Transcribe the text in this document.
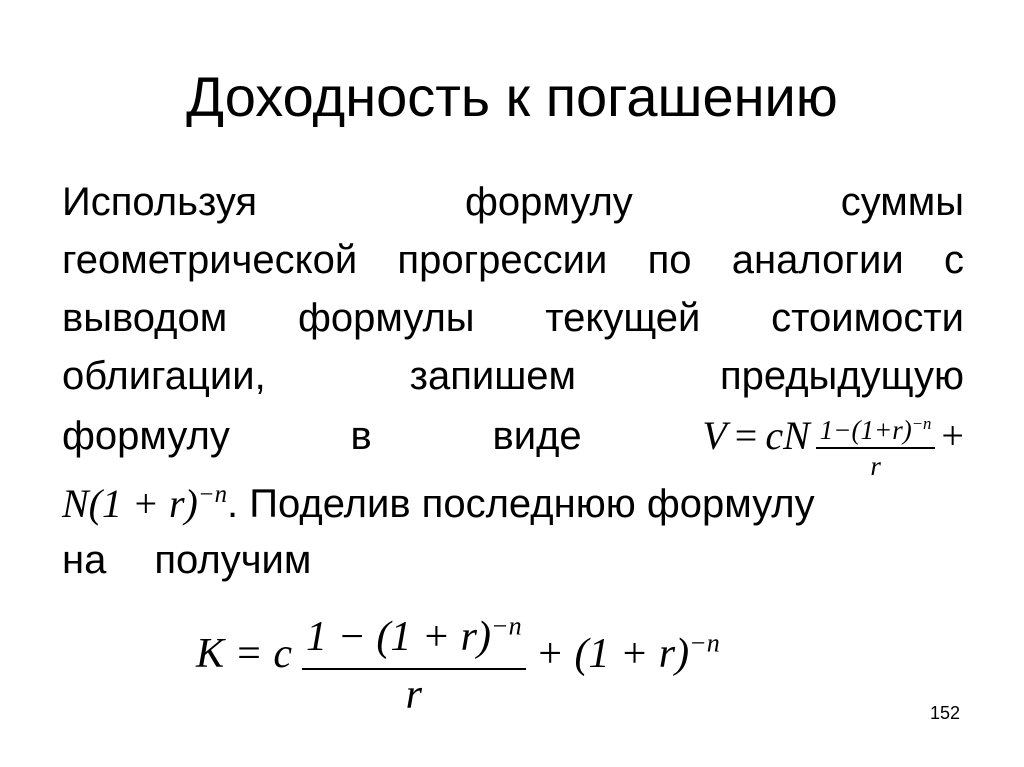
Доходность к погашению
Используя	формулу	суммы
геометрической прогрессии по аналогии с
выводом формулы текущей стоимости
облигации,	запишем	предыдущую
формулу	в	виде	V = cN $\frac{1-(1+r)^{-n}}{r}$ +
$N(1 + r)^{-n}$ . Поделив последнюю формулу
на получим
K = c $\frac{1 - (1 + r)^{-n}}{r} + (1 + r)^{-n}$
152
